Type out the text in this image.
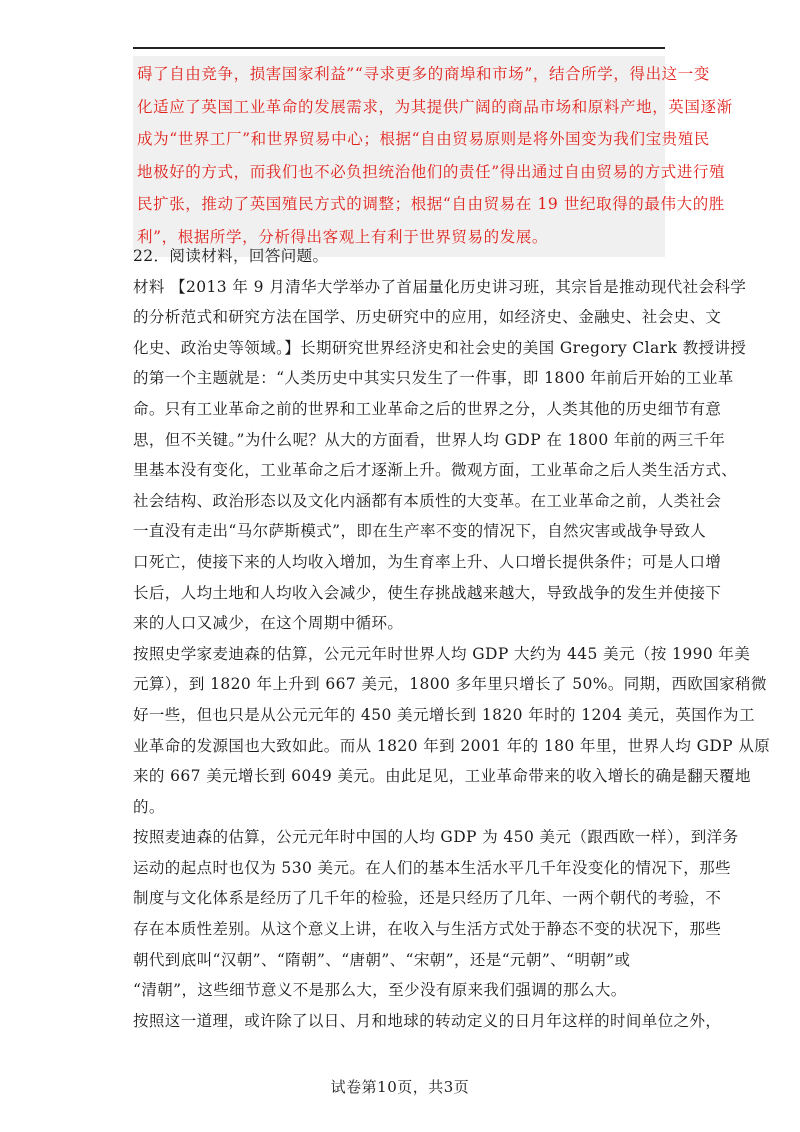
碍了自由竞争，损害国家利益”“寻求更多的商埠和市场”，结合所学，得出这一变
化适应了英国工业革命的发展需求，为其提供广阔的商品市场和原料产地，英国逐渐
成为“世界工厂”和世界贸易中心；根据“自由贸易原则是将外国变为我们宝贵殖民
地极好的方式，而我们也不必负担统治他们的责任”得出通过自由贸易的方式进行殖
民扩张，推动了英国殖民方式的调整；根据“自由贸易在 19 世纪取得的最伟大的胜
利”，根据所学，分析得出客观上有利于世界贸易的发展。
22．阅读材料，回答问题。
材料 【2013 年 9 月清华大学举办了首届量化历史讲习班，其宗旨是推动现代社会科学
的分析范式和研究方法在国学、历史研究中的应用，如经济史、金融史、社会史、文
化史、政治史等领域。】长期研究世界经济史和社会史的美国 Gregory Clark 教授讲授
的第一个主题就是：“人类历史中其实只发生了一件事，即 1800 年前后开始的工业革
命。只有工业革命之前的世界和工业革命之后的世界之分，人类其他的历史细节有意
思，但不关键。”为什么呢？从大的方面看，世界人均 GDP 在 1800 年前的两三千年
里基本没有变化，工业革命之后才逐渐上升。微观方面，工业革命之后人类生活方式、
社会结构、政治形态以及文化内涵都有本质性的大变革。在工业革命之前，人类社会
一直没有走出“马尔萨斯模式”，即在生产率不变的情况下，自然灾害或战争导致人
口死亡，使接下来的人均收入增加，为生育率上升、人口增长提供条件；可是人口增
长后，人均土地和人均收入会减少，使生存挑战越来越大，导致战争的发生并使接下
来的人口又减少，在这个周期中循环。
按照史学家麦迪森的估算，公元元年时世界人均 GDP 大约为 445 美元（按 1990 年美
元算），到 1820 年上升到 667 美元，1800 多年里只增长了 50%。同期，西欧国家稍微
好一些，但也只是从公元元年的 450 美元增长到 1820 年时的 1204 美元，英国作为工
业革命的发源国也大致如此。而从 1820 年到 2001 年的 180 年里，世界人均 GDP 从原
来的 667 美元增长到 6049 美元。由此足见，工业革命带来的收入增长的确是翻天覆地
的。
按照麦迪森的估算，公元元年时中国的人均 GDP 为 450 美元（跟西欧一样），到洋务
运动的起点时也仅为 530 美元。在人们的基本生活水平几千年没变化的情况下，那些
制度与文化体系是经历了几千年的检验，还是只经历了几年、一两个朝代的考验，不
存在本质性差别。从这个意义上讲，在收入与生活方式处于静态不变的状况下，那些
朝代到底叫“汉朝”、“隋朝”、“唐朝”、“宋朝”，还是“元朝”、“明朝”或
“清朝”，这些细节意义不是那么大，至少没有原来我们强调的那么大。
按照这一道理，或许除了以日、月和地球的转动定义的日月年这样的时间单位之外，
试卷第10页，共3页
